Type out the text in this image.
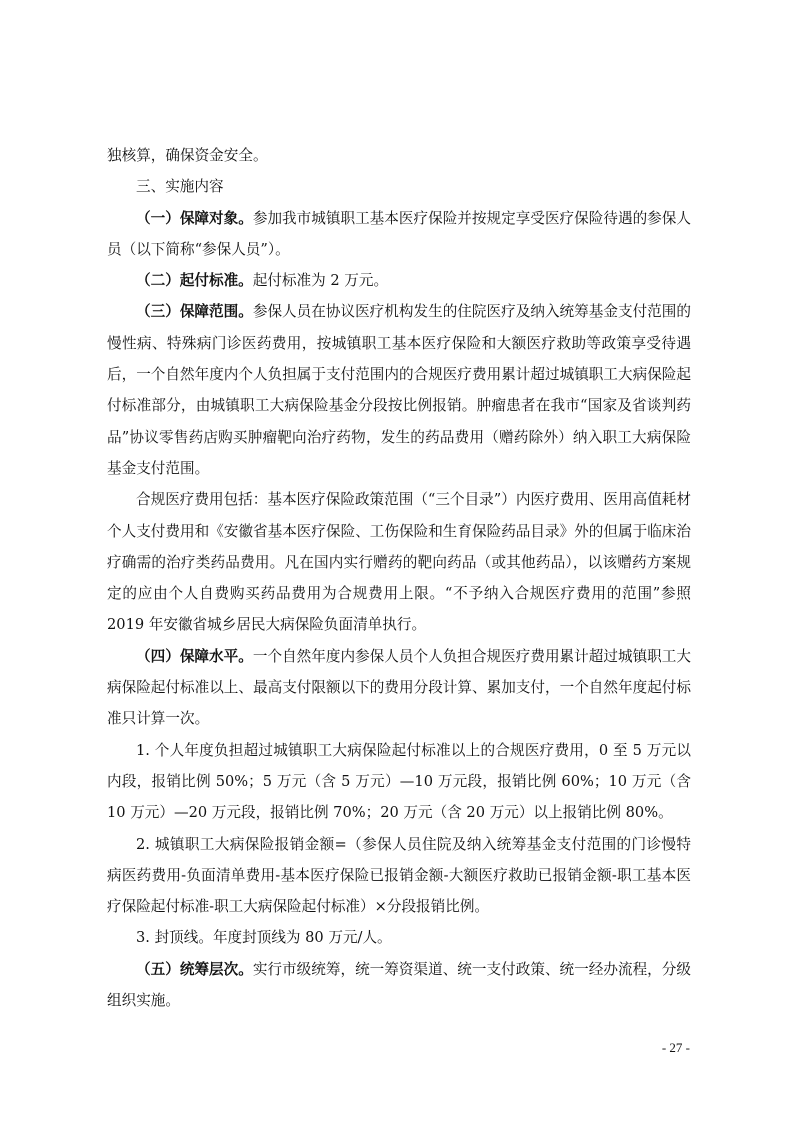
独核算，确保资金安全。

三、实施内容

（一）保障对象。参加我市城镇职工基本医疗保险并按规定享受医疗保险待遇的参保人员（以下简称“参保人员”）。

（二）起付标准。起付标准为 2 万元。

（三）保障范围。参保人员在协议医疗机构发生的住院医疗及纳入统筹基金支付范围的慢性病、特殊病门诊医药费用，按城镇职工基本医疗保险和大额医疗救助等政策享受待遇后，一个自然年度内个人负担属于支付范围内的合规医疗费用累计超过城镇职工大病保险起付标准部分，由城镇职工大病保险基金分段按比例报销。肿瘤患者在我市“国家及省谈判药品”协议零售药店购买肿瘤靶向治疗药物，发生的药品费用（赠药除外）纳入职工大病保险基金支付范围。

合规医疗费用包括：基本医疗保险政策范围（“三个目录”）内医疗费用、医用高值耗材个人支付费用和《安徽省基本医疗保险、工伤保险和生育保险药品目录》外的但属于临床治疗确需的治疗类药品费用。凡在国内实行赠药的靶向药品（或其他药品），以该赠药方案规定的应由个人自费购买药品费用为合规费用上限。“不予纳入合规医疗费用的范围”参照 2019 年安徽省城乡居民大病保险负面清单执行。

（四）保障水平。一个自然年度内参保人员个人负担合规医疗费用累计超过城镇职工大病保险起付标准以上、最高支付限额以下的费用分段计算、累加支付，一个自然年度起付标准只计算一次。

1. 个人年度负担超过城镇职工大病保险起付标准以上的合规医疗费用，0 至 5 万元以内段，报销比例 50%；5 万元（含 5 万元）—10 万元段，报销比例 60%；10 万元（含 10 万元）—20 万元段，报销比例 70%；20 万元（含 20 万元）以上报销比例 80%。

2. 城镇职工大病保险报销金额=（参保人员住院及纳入统筹基金支付范围的门诊慢特病医药费用-负面清单费用-基本医疗保险已报销金额-大额医疗救助已报销金额-职工基本医疗保险起付标准-职工大病保险起付标准）×分段报销比例。

3. 封顶线。年度封顶线为 80 万元/人。

（五）统筹层次。实行市级统筹，统一筹资渠道、统一支付政策、统一经办流程，分级组织实施。

- 27 -
